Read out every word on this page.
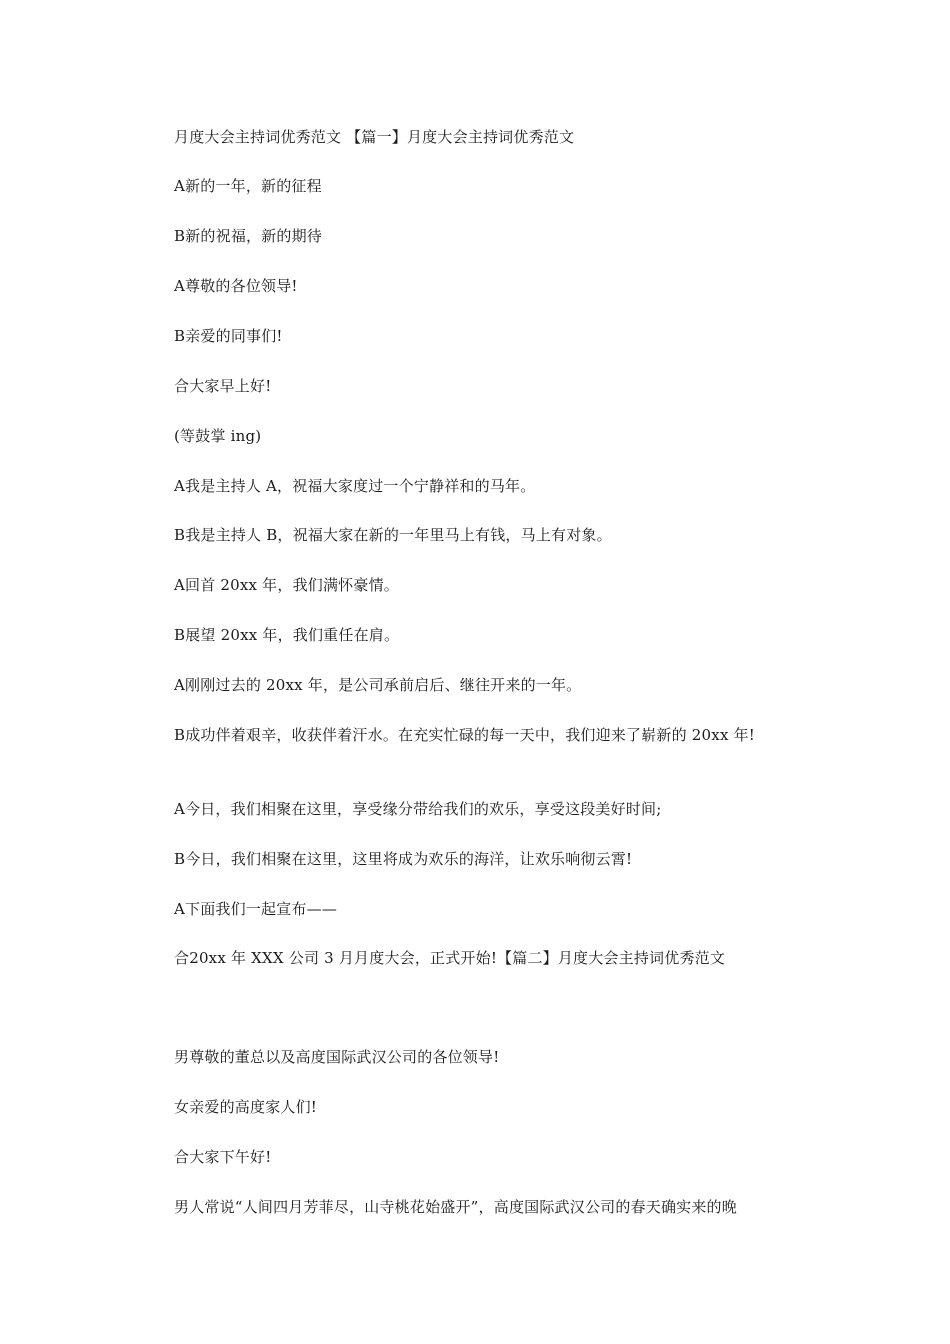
月度大会主持词优秀范文 【篇一】月度大会主持词优秀范文
A新的一年，新的征程
B新的祝福，新的期待
A尊敬的各位领导!
B亲爱的同事们!
合大家早上好!
(等鼓掌 ing)
A我是主持人 A，祝福大家度过一个宁静祥和的马年。
B我是主持人 B，祝福大家在新的一年里马上有钱，马上有对象。
A回首 20xx 年，我们满怀豪情。
B展望 20xx 年，我们重任在肩。
A刚刚过去的 20xx 年，是公司承前启后、继往开来的一年。
B成功伴着艰辛，收获伴着汗水。在充实忙碌的每一天中，我们迎来了崭新的 20xx 年!
A今日，我们相聚在这里，享受缘分带给我们的欢乐，享受这段美好时间;
B今日，我们相聚在这里，这里将成为欢乐的海洋，让欢乐响彻云霄!
A下面我们一起宣布——
合20xx 年 XXX 公司 3 月月度大会，正式开始!【篇二】月度大会主持词优秀范文
男尊敬的董总以及高度国际武汉公司的各位领导!
女亲爱的高度家人们!
合大家下午好!
男人常说“人间四月芳菲尽，山寺桃花始盛开”，高度国际武汉公司的春天确实来的晚
